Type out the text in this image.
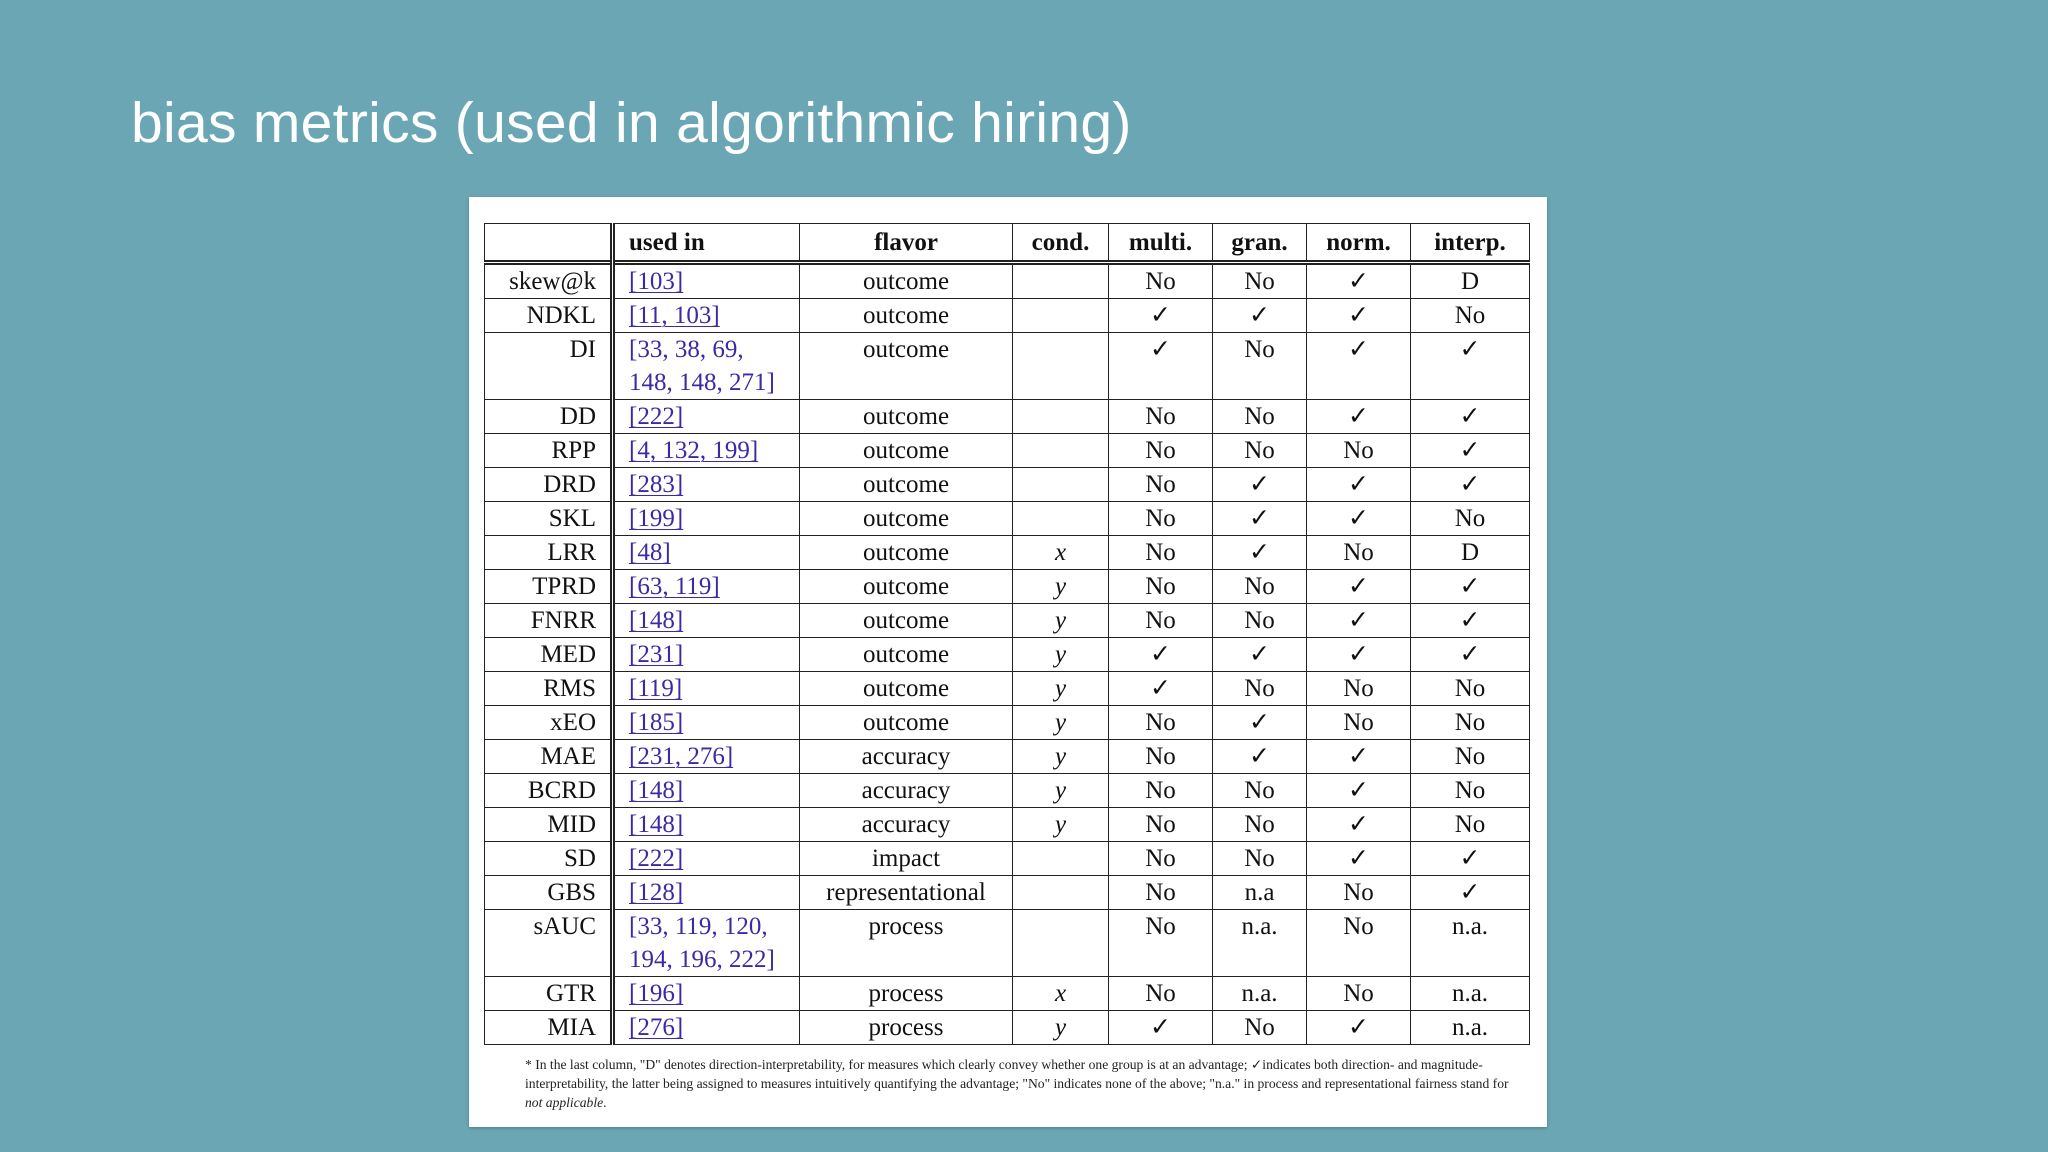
bias metrics (used in algorithmic hiring)
	used in	flavor	cond.	multi.	gran.	norm.	interp.
skew@k	[103]	outcome		No	No	✓	D
NDKL	[11, 103]	outcome		✓	✓	✓	No
DI	[33, 38, 69, 148, 148, 271]	outcome		✓	No	✓	✓
DD	[222]	outcome		No	No	✓	✓
RPP	[4, 132, 199]	outcome		No	No	No	✓
DRD	[283]	outcome		No	✓	✓	✓
SKL	[199]	outcome		No	✓	✓	No
LRR	[48]	outcome	x	No	✓	No	D
TPRD	[63, 119]	outcome	y	No	No	✓	✓
FNRR	[148]	outcome	y	No	No	✓	✓
MED	[231]	outcome	y	✓	✓	✓	✓
RMS	[119]	outcome	y	✓	No	No	No
xEO	[185]	outcome	y	No	✓	No	No
MAE	[231, 276]	accuracy	y	No	✓	✓	No
BCRD	[148]	accuracy	y	No	No	✓	No
MID	[148]	accuracy	y	No	No	✓	No
SD	[222]	impact		No	No	✓	✓
GBS	[128]	representational		No	n.a	No	✓
sAUC	[33, 119, 120, 194, 196, 222]	process		No	n.a.	No	n.a.
GTR	[196]	process	x	No	n.a.	No	n.a.
MIA	[276]	process	y	✓	No	✓	n.a.

* In the last column, "D" denotes direction-interpretability, for measures which clearly convey whether one group is at an advantage; ✓indicates both direction- and magnitude-interpretability, the latter being assigned to measures intuitively quantifying the advantage; "No" indicates none of the above; "n.a." in process and representational fairness stand for not applicable.
